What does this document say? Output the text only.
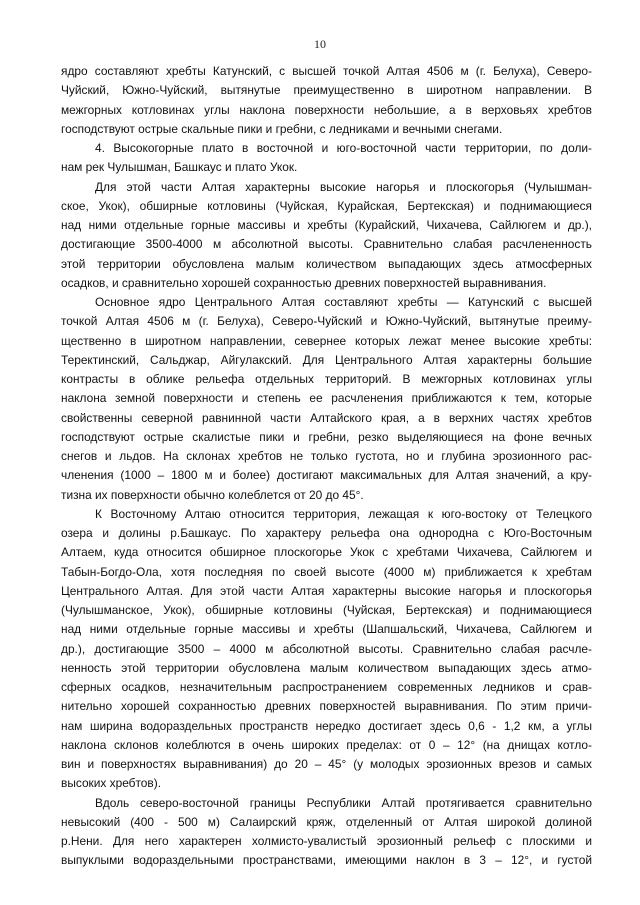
10
ядро составляют хребты Катунский, с высшей точкой Алтая 4506 м (г. Белуха), Северо-
Чуйский, Южно-Чуйский, вытянутые преимущественно в широтном направлении. В
межгорных котловинах углы наклона поверхности небольшие, а в верховьях хребтов
господствуют острые скальные пики и гребни, с ледниками и вечными снегами.
4. Высокогорные плато в восточной и юго-восточной части территории, по доли-
нам рек Чулышман, Башкаус и плато Укок.
Для этой части Алтая характерны высокие нагорья и плоскогорья (Чулышман-
ское, Укок), обширные котловины (Чуйская, Курайская, Бертекская) и поднимающиеся
над ними отдельные горные массивы и хребты (Курайский, Чихачева, Сайлюгем и др.),
достигающие 3500-4000 м абсолютной высоты. Сравнительно слабая расчлененность
этой территории обусловлена малым количеством выпадающих здесь атмосферных
осадков, и сравнительно хорошей сохранностью древних поверхностей выравнивания.
Основное ядро Центрального Алтая составляют хребты — Катунский с высшей
точкой Алтая 4506 м (г. Белуха), Северо-Чуйский и Южно-Чуйский, вытянутые преиму-
щественно в широтном направлении, севернее которых лежат менее высокие хребты:
Теректинский, Сальджар, Айгулакский. Для Центрального Алтая характерны большие
контрасты в облике рельефа отдельных территорий. В межгорных котловинах углы
наклона земной поверхности и степень ее расчленения приближаются к тем, которые
свойственны северной равнинной части Алтайского края, а в верхних частях хребтов
господствуют острые скалистые пики и гребни, резко выделяющиеся на фоне вечных
снегов и льдов. На склонах хребтов не только густота, но и глубина эрозионного рас-
членения (1000 – 1800 м и более) достигают максимальных для Алтая значений, а кру-
тизна их поверхности обычно колеблется от 20 до 45°.
К Восточному Алтаю относится территория, лежащая к юго-востоку от Телецкого
озера и долины р.Башкаус. По характеру рельефа она однородна с Юго-Восточным
Алтаем, куда относится обширное плоскогорье Укок с хребтами Чихачева, Сайлюгем и
Табын-Богдо-Ола, хотя последняя по своей высоте (4000 м) приближается к хребтам
Центрального Алтая. Для этой части Алтая характерны высокие нагорья и плоскогорья
(Чулышманское, Укок), обширные котловины (Чуйская, Бертекская) и поднимающиеся
над ними отдельные горные массивы и хребты (Шапшальский, Чихачева, Сайлюгем и
др.), достигающие 3500 – 4000 м абсолютной высоты. Сравнительно слабая расчле-
ненность этой территории обусловлена малым количеством выпадающих здесь атмо-
сферных осадков, незначительным распространением современных ледников и срав-
нительно хорошей сохранностью древних поверхностей выравнивания. По этим причи-
нам ширина водораздельных пространств нередко достигает здесь 0,6 - 1,2 км, а углы
наклона склонов колеблются в очень широких пределах: от 0 – 12° (на днищах котло-
вин и поверхностях выравнивания) до 20 – 45° (у молодых эрозионных врезов и самых
высоких хребтов).
Вдоль северо-восточной границы Республики Алтай протягивается сравнительно
невысокий (400 - 500 м) Салаирский кряж, отделенный от Алтая широкой долиной
р.Нени. Для него характерен холмисто-увалистый эрозионный рельеф с плоскими и
выпуклыми водораздельными пространствами, имеющими наклон в 3 – 12°, и густой
